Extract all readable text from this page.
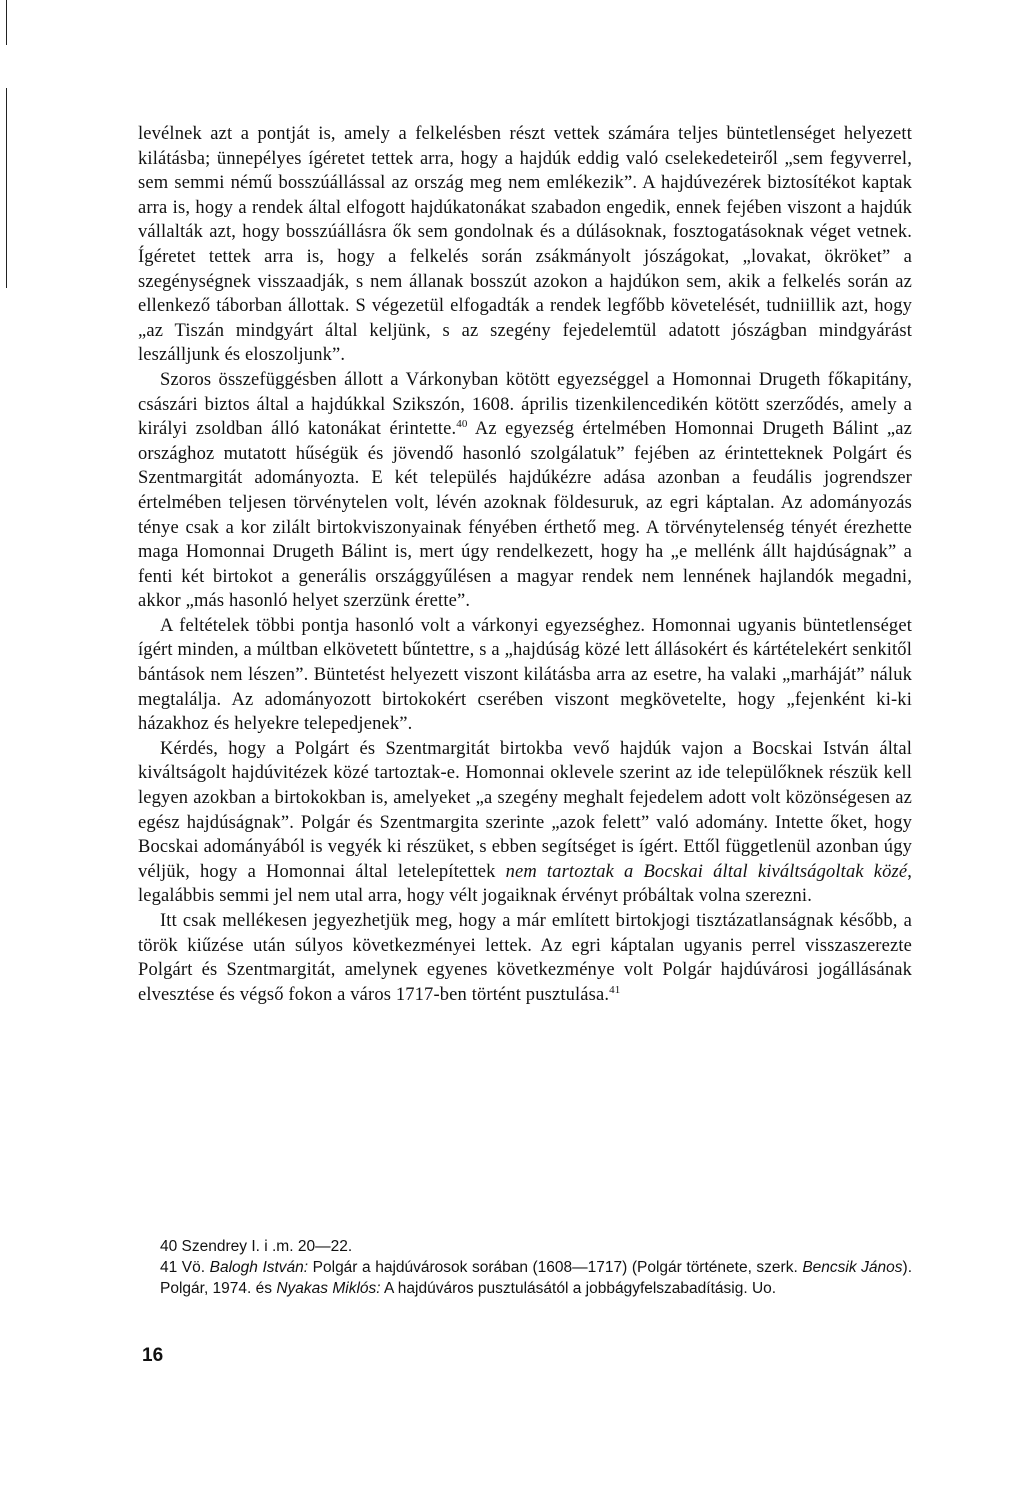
levélnek azt a pontját is, amely a felkelésben részt vettek számára teljes büntetlenséget helyezett kilátásba; ünnepélyes ígéretet tettek arra, hogy a hajdúk eddig való cselekedeteiről „sem fegyverrel, sem semmi némű bosszúállással az ország meg nem emlékezik”. A hajdúvezérek biztosítékot kaptak arra is, hogy a rendek által elfogott hajdúkatonákat szabadon engedik, ennek fejében viszont a hajdúk vállalták azt, hogy bosszúállásra ők sem gondolnak és a dúlásoknak, fosztogatásoknak véget vetnek. Ígéretet tettek arra is, hogy a felkelés során zsákmányolt jószágokat, „lovakat, ökröket” a szegénységnek visszaadják, s nem állanak bosszút azokon a hajdúkon sem, akik a felkelés során az ellenkező táborban állottak. S végezetül elfogadták a rendek legfőbb követelését, tudniillik azt, hogy „az Tiszán mindgyárt által keljünk, s az szegény fejedelemtül adatott jószágban mindgyárást leszálljunk és eloszoljunk”.

Szoros összefüggésben állott a Várkonyban kötött egyezséggel a Homonnai Drugeth főkapitány, császári biztos által a hajdúkkal Szikszón, 1608. április tizenkilencedikén kötött szerződés, amely a királyi zsoldban álló katonákat érintette.$^{40}$ Az egyezség értelmében Homonnai Drugeth Bálint „az országhoz mutatott hűségük és jövendő hasonló szolgálatuk” fejében az érintetteknek Polgárt és Szentmargitát adományozta. E két település hajdúkézre adása azonban a feudális jogrendszer értelmében teljesen törvénytelen volt, lévén azoknak földesuruk, az egri káptalan. Az adományozás ténye csak a kor zilált birtokviszonyainak fényében érthető meg. A törvénytelenség tényét érezhette maga Homonnai Drugeth Bálint is, mert úgy rendelkezett, hogy ha „e mellénk állt hajdúságnak” a fenti két birtokot a generális országgyűlésen a magyar rendek nem lennének hajlandók megadni, akkor „más hasonló helyet szerzünk érette”.

A feltételek többi pontja hasonló volt a várkonyi egyezséghez. Homonnai ugyanis büntetlenséget ígért minden, a múltban elkövetett bűntettre, s a „hajdúság közé lett állásokért és kártételekért senkitől bántások nem lészen”. Büntetést helyezett viszont kilátásba arra az esetre, ha valaki „marháját” náluk megtalálja. Az adományozott birtokokért cserében viszont megkövetelte, hogy „fejenként ki-ki házakhoz és helyekre telepedjenek”.

Kérdés, hogy a Polgárt és Szentmargitát birtokba vevő hajdúk vajon a Bocskai István által kiváltságolt hajdúvitézek közé tartoztak-e. Homonnai oklevele szerint az ide települőknek részük kell legyen azokban a birtokokban is, amelyeket „a szegény meghalt fejedelem adott volt közönségesen az egész hajdúságnak”. Polgár és Szentmargita szerinte „azok felett” való adomány. Intette őket, hogy Bocskai adományából is vegyék ki részüket, s ebben segítséget is ígért. Ettől függetlenül azonban úgy véljük, hogy a Homonnai által letelepítettek nem tartoztak a Bocskai által kiváltságoltak közé, legalábbis semmi jel nem utal arra, hogy vélt jogaiknak érvényt próbáltak volna szerezni.

Itt csak mellékesen jegyezhetjük meg, hogy a már említett birtokjogi tisztázatlanságnak később, a török kiűzése után súlyos következményei lettek. Az egri káptalan ugyanis perrel visszaszerezte Polgárt és Szentmargitát, amelynek egyenes következménye volt Polgár hajdúvárosi jogállásának elvesztése és végső fokon a város 1717-ben történt pusztulása.$^{41}$

40 Szendrey I. i .m. 20—22.

41 Vö. Balogh István: Polgár a hajdúvárosok sorában (1608—1717) (Polgár története, szerk. Bencsik János). Polgár, 1974. és Nyakas Miklós: A hajdúváros pusztulásától a jobbágyfelszabadításig. Uo.

16
